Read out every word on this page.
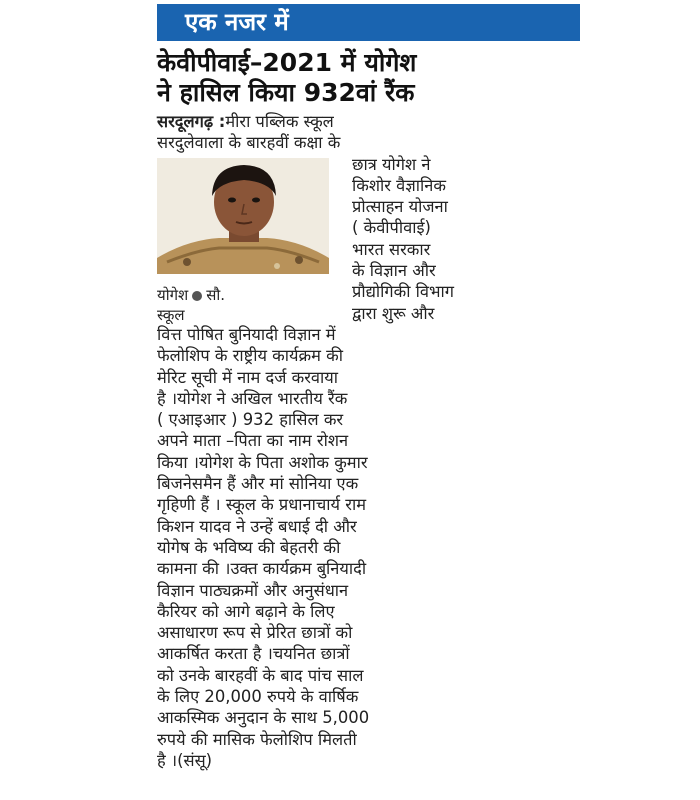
एक नजर में
केवीपीवाई–2021 में योगेश
ने हासिल किया 932वां रैंक
सरदूलगढ़ :मीरा पब्लिक स्कूल
सरदुलेवाला के बारहवीं कक्षा के
छात्र योगेश ने
किशोर वैज्ञानिक
प्रोत्साहन योजना
( केवीपीवाई)
भारत सरकार
के विज्ञान और
प्रौद्योगिकी विभाग
द्वारा शुरू और
वित्त पोषित बुनियादी विज्ञान में
फेलोशिप के राष्ट्रीय कार्यक्रम की
मेरिट सूची में नाम दर्ज करवाया
है ।योगेश ने अखिल भारतीय रैंक
( एआइआर ) 932 हासिल कर
अपने माता –पिता का नाम रोशन
किया ।योगेश के पिता अशोक कुमार
बिजनेसमैन हैं और मां सोनिया एक
गृहिणी हैं । स्कूल के प्रधानाचार्य राम
किशन यादव ने उन्हें बधाई दी और
योगेष के भविष्य की बेहतरी की
कामना की ।उक्त कार्यक्रम बुनियादी
विज्ञान पाठ्यक्रमों और अनुसंधान
कैरियर को आगे बढ़ाने के लिए
असाधारण रूप से प्रेरित छात्रों को
आकर्षित करता है ।चयनित छात्रों
को उनके बारहवीं के बाद पांच साल
के लिए 20,000 रुपये के वार्षिक
आकस्मिक अनुदान के साथ 5,000
रुपये की मासिक फेलोशिप मिलती
है ।(संसू)
योगेश सौ.
स्कूल
